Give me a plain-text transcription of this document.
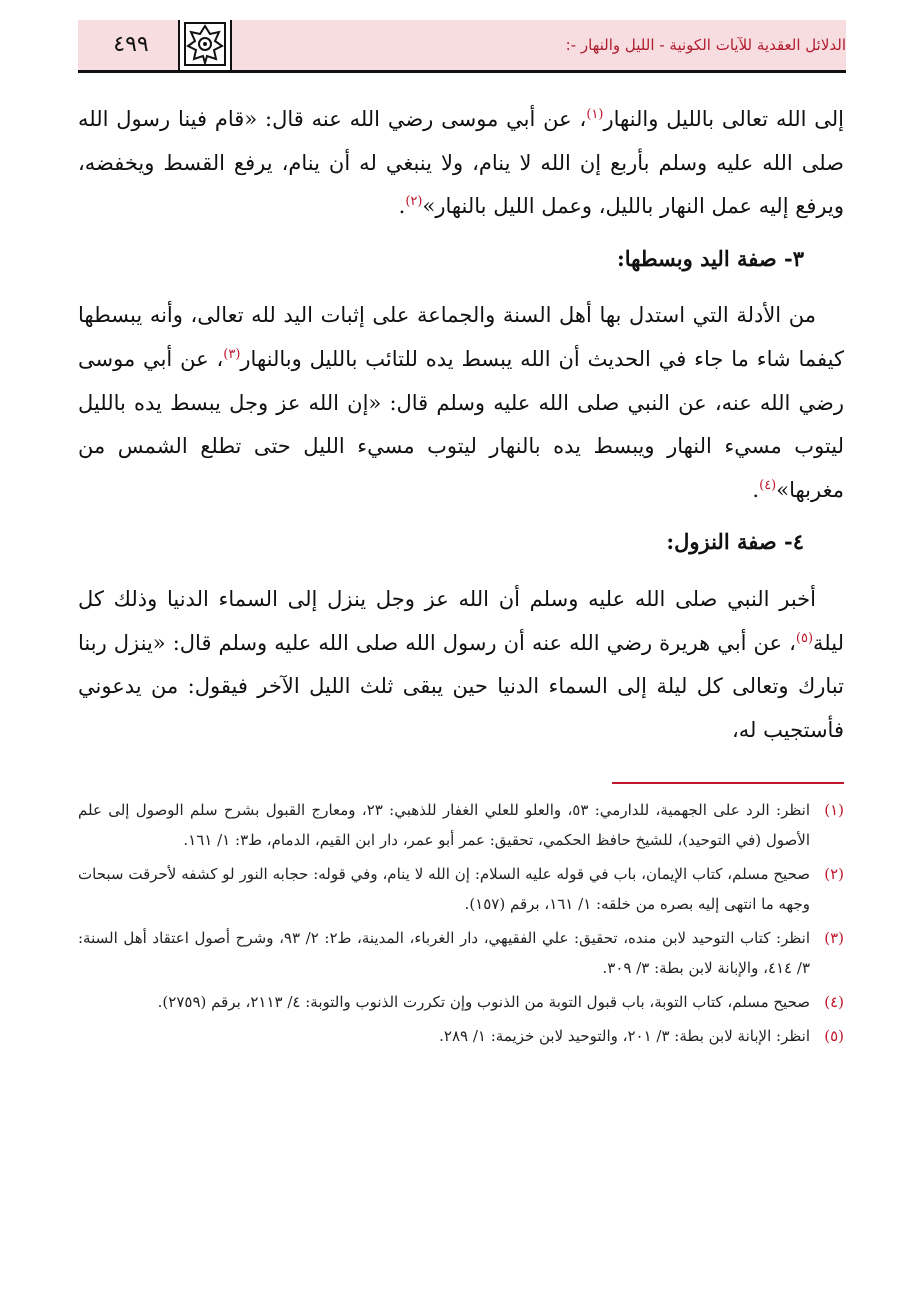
٤٩٩	الدلائل العقدية للآيات الكونية - الليل والنهار -:

إلى الله تعالى بالليل والنهار$^{(١)}$، عن أبي موسى رضي الله عنه قال: «قام فينا رسول الله صلى الله عليه وسلم بأربع إن الله لا ينام، ولا ينبغي له أن ينام، يرفع القسط ويخفضه، ويرفع إليه عمل النهار بالليل، وعمل الليل بالنهار»$^{(٢)}$.

٣- صفة اليد وبسطها:

من الأدلة التي استدل بها أهل السنة والجماعة على إثبات اليد لله تعالى، وأنه يبسطها كيفما شاء ما جاء في الحديث أن الله يبسط يده للتائب بالليل وبالنهار$^{(٣)}$، عن أبي موسى رضي الله عنه، عن النبي صلى الله عليه وسلم قال: «إن الله عز وجل يبسط يده بالليل ليتوب مسيء النهار ويبسط يده بالنهار ليتوب مسيء الليل حتى تطلع الشمس من مغربها»$^{(٤)}$.

٤- صفة النزول:

أخبر النبي صلى الله عليه وسلم أن الله عز وجل ينزل إلى السماء الدنيا وذلك كل ليلة$^{(٥)}$، عن أبي هريرة رضي الله عنه أن رسول الله صلى الله عليه وسلم قال: «ينزل ربنا تبارك وتعالى كل ليلة إلى السماء الدنيا حين يبقى ثلث الليل الآخر فيقول: من يدعوني فأستجيب له،

(١)
انظر: الرد على الجهمية، للدارمي: ٥٣، والعلو للعلي الغفار للذهبي: ٢٣، ومعارج القبول بشرح سلم الوصول إلى علم الأصول (في التوحيد)، للشيخ حافظ الحكمي، تحقيق: عمر أبو عمر، دار ابن القيم، الدمام، ط٣: ١/ ١٦١.
(٢)
صحيح مسلم، كتاب الإيمان، باب في قوله عليه السلام: إن الله لا ينام، وفي قوله: حجابه النور لو كشفه لأحرقت سبحات وجهه ما انتهى إليه بصره من خلقه: ١/ ١٦١، برقم (١٥٧).
(٣)
انظر: كتاب التوحيد لابن منده، تحقيق: علي الفقيهي، دار الغرباء، المدينة، ط٢: ٢/ ٩٣، وشرح أصول اعتقاد أهل السنة: ٣/ ٤١٤، والإبانة لابن بطة: ٣/ ٣٠٩.
(٤)
صحيح مسلم، كتاب التوبة، باب قبول التوبة من الذنوب وإن تكررت الذنوب والتوبة: ٤/ ٢١١٣، برقم (٢٧٥٩).
(٥)
انظر: الإبانة لابن بطة: ٣/ ٢٠١، والتوحيد لابن خزيمة: ١/ ٢٨٩.
